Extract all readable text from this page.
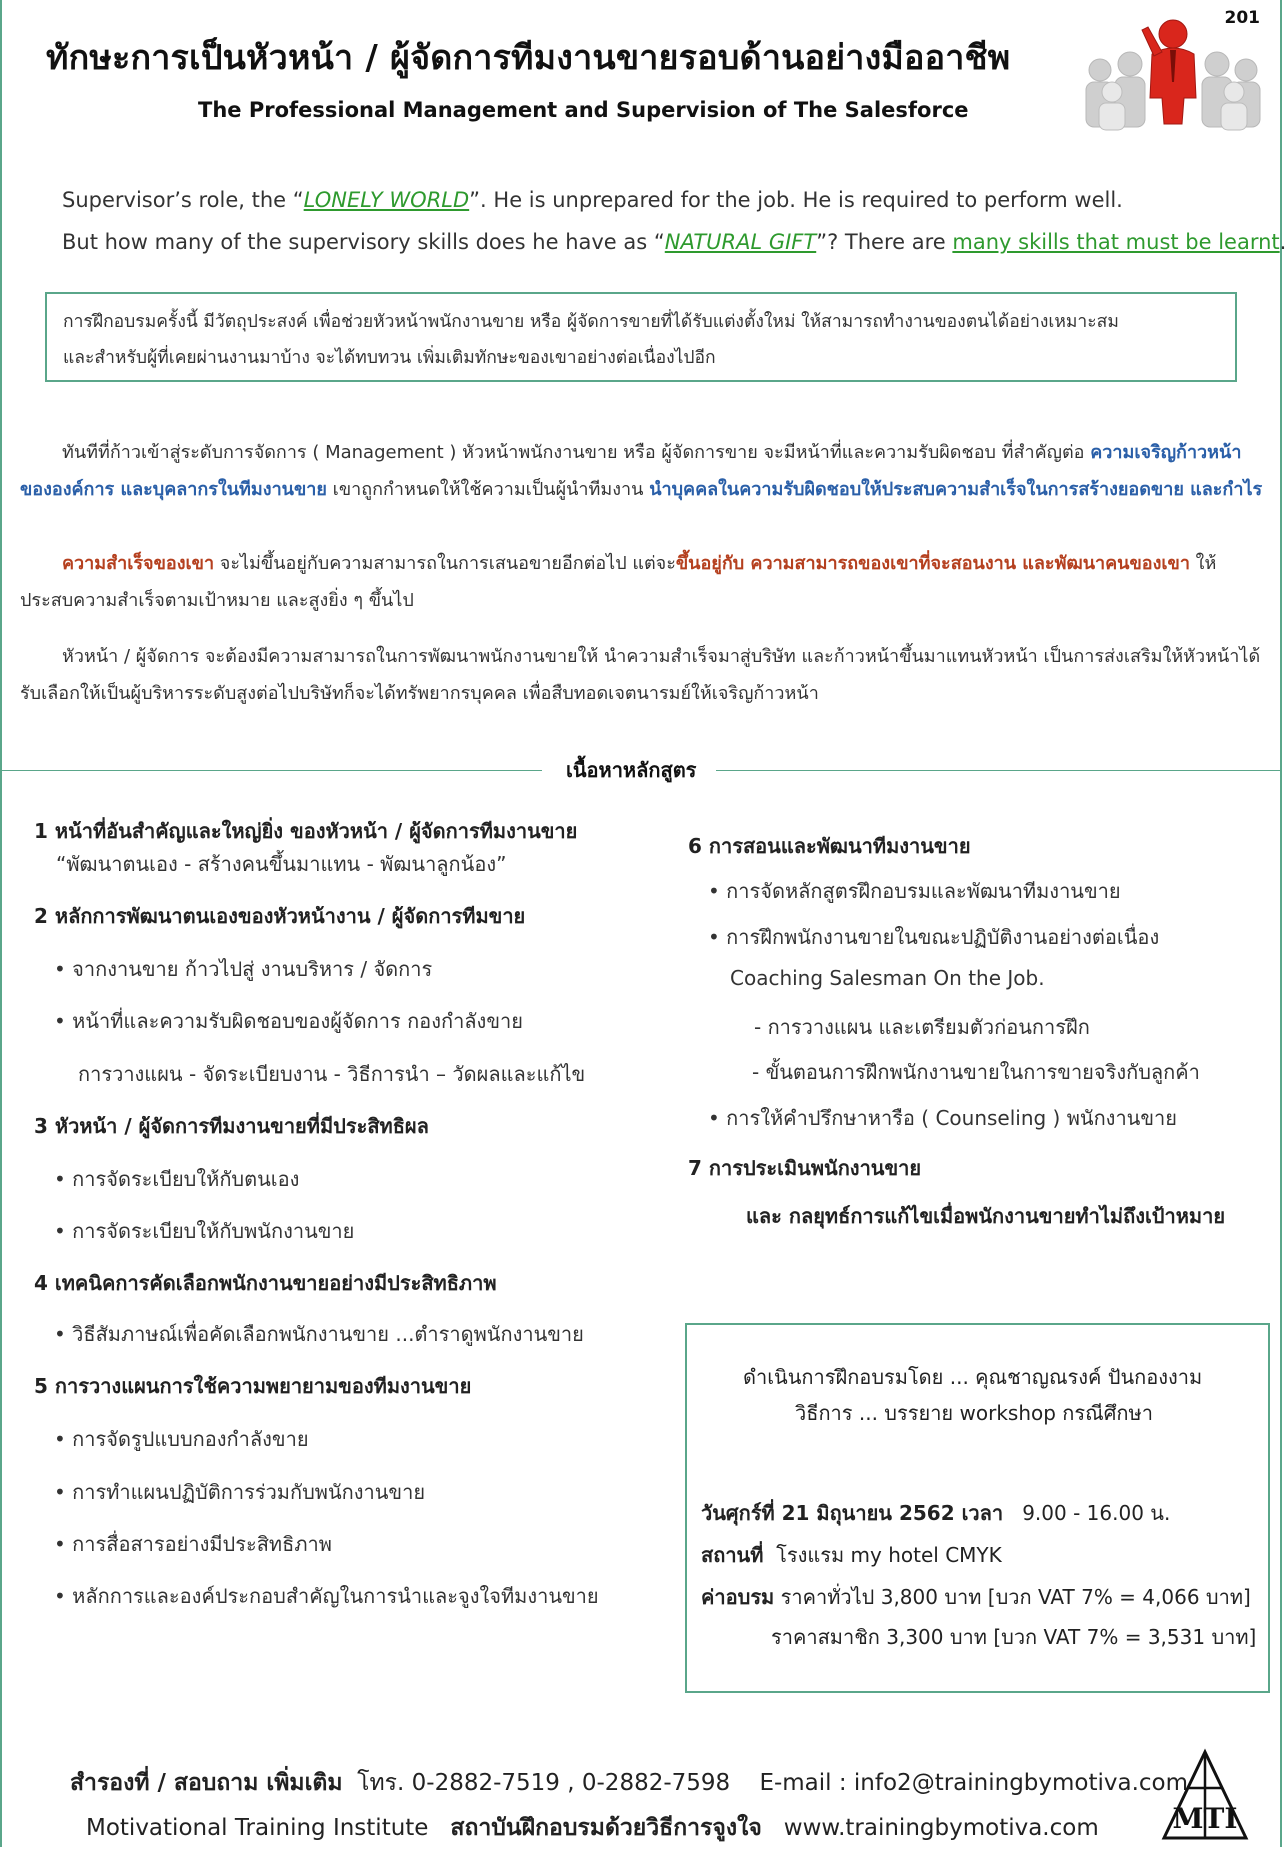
201
ทักษะการเป็นหัวหน้า / ผู้จัดการทีมงานขายรอบด้านอย่างมืออาชีพ
The Professional Management and Supervision of The Salesforce
Supervisor’s role, the “LONELY WORLD”. He is unprepared for the job. He is required to perform well.
But how many of the supervisory skills does he have as “NATURAL GIFT”? There are many skills that must be learnt.
การฝึกอบรมครั้งนี้ มีวัตถุประสงค์ เพื่อช่วยหัวหน้าพนักงานขาย หรือ ผู้จัดการขายที่ได้รับแต่งตั้งใหม่ ให้สามารถทำงานของตนได้อย่างเหมาะสม
และสำหรับผู้ที่เคยผ่านงานมาบ้าง จะได้ทบทวน เพิ่มเติมทักษะของเขาอย่างต่อเนื่องไปอีก
ทันทีที่ก้าวเข้าสู่ระดับการจัดการ ( Management ) หัวหน้าพนักงานขาย หรือ ผู้จัดการขาย จะมีหน้าที่และความรับผิดชอบ ที่สำคัญต่อ ความเจริญก้าวหน้าขององค์การ และบุคลากรในทีมงานขาย เขาถูกกำหนดให้ใช้ความเป็นผู้นำทีมงาน นำบุคคลในความรับผิดชอบให้ประสบความสำเร็จในการสร้างยอดขาย และกำไร
ความสำเร็จของเขา จะไม่ขึ้นอยู่กับความสามารถในการเสนอขายอีกต่อไป แต่จะขึ้นอยู่กับ ความสามารถของเขาที่จะสอนงาน และพัฒนาคนของเขา ให้ประสบความสำเร็จตามเป้าหมาย และสูงยิ่ง ๆ ขึ้นไป
หัวหน้า / ผู้จัดการ จะต้องมีความสามารถในการพัฒนาพนักงานขายให้ นำความสำเร็จมาสู่บริษัท และก้าวหน้าขึ้นมาแทนหัวหน้า เป็นการส่งเสริมให้หัวหน้าได้รับเลือกให้เป็นผู้บริหารระดับสูงต่อไปบริษัทก็จะได้ทรัพยากรบุคคล เพื่อสืบทอดเจตนารมย์ให้เจริญก้าวหน้า
เนื้อหาหลักสูตร
1 หน้าที่อันสำคัญและใหญ่ยิ่ง ของหัวหน้า / ผู้จัดการทีมงานขาย
“พัฒนาตนเอง - สร้างคนขึ้นมาแทน - พัฒนาลูกน้อง”
2 หลักการพัฒนาตนเองของหัวหน้างาน / ผู้จัดการทีมขาย
• จากงานขาย ก้าวไปสู่ งานบริหาร / จัดการ
• หน้าที่และความรับผิดชอบของผู้จัดการ กองกำลังขาย
การวางแผน - จัดระเบียบงาน - วิธีการนำ – วัดผลและแก้ไข
3 หัวหน้า / ผู้จัดการทีมงานขายที่มีประสิทธิผล
• การจัดระเบียบให้กับตนเอง
• การจัดระเบียบให้กับพนักงานขาย
4 เทคนิคการคัดเลือกพนักงานขายอย่างมีประสิทธิภาพ
• วิธีสัมภาษณ์เพื่อคัดเลือกพนักงานขาย ...ตำราดูพนักงานขาย
5 การวางแผนการใช้ความพยายามของทีมงานขาย
• การจัดรูปแบบกองกำลังขาย
• การทำแผนปฏิบัติการร่วมกับพนักงานขาย
• การสื่อสารอย่างมีประสิทธิภาพ
• หลักการและองค์ประกอบสำคัญในการนำและจูงใจทีมงานขาย
6 การสอนและพัฒนาทีมงานขาย
• การจัดหลักสูตรฝึกอบรมและพัฒนาทีมงานขาย
• การฝึกพนักงานขายในขณะปฏิบัติงานอย่างต่อเนื่อง
Coaching Salesman On the Job.
- การวางแผน และเตรียมตัวก่อนการฝึก
- ขั้นตอนการฝึกพนักงานขายในการขายจริงกับลูกค้า
• การให้คำปรึกษาหารือ ( Counseling ) พนักงานขาย
7 การประเมินพนักงานขาย
และ กลยุทธ์การแก้ไขเมื่อพนักงานขายทำไม่ถึงเป้าหมาย
ดำเนินการฝึกอบรมโดย ... คุณชาญณรงค์ ปันกองงาม
วิธีการ ... บรรยาย workshop กรณีศึกษา
วันศุกร์ที่ 21 มิถุนายน 2562 เวลา 9.00 - 16.00 น.
สถานที่ โรงแรม my hotel CMYK
ค่าอบรม ราคาทั่วไป 3,800 บาท [บวก VAT 7% = 4,066 บาท]
ราคาสมาชิก 3,300 บาท [บวก VAT 7% = 3,531 บาท]
สำรองที่ / สอบถาม เพิ่มเติม โทร. 0-2882-7519 , 0-2882-7598 E-mail : info2@trainingbymotiva.com
Motivational Training Institute สถาบันฝึกอบรมด้วยวิธีการจูงใจ www.trainingbymotiva.com	MTI
